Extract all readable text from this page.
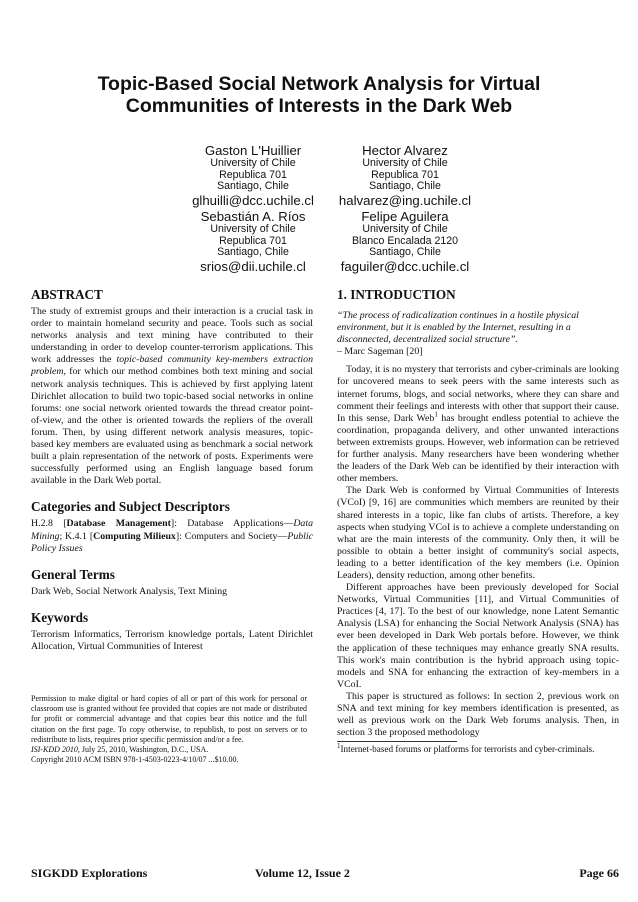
Topic-Based Social Network Analysis for Virtual
Communities of Interests in the Dark Web
Gaston L'Huillier
University of Chile
Republica 701
Santiago, Chile
glhuilli@dcc.uchile.cl
Hector Alvarez
University of Chile
Republica 701
Santiago, Chile
halvarez@ing.uchile.cl
Sebastián A. Ríos
University of Chile
Republica 701
Santiago, Chile
srios@dii.uchile.cl
Felipe Aguilera
University of Chile
Blanco Encalada 2120
Santiago, Chile
faguiler@dcc.uchile.cl
ABSTRACT

The study of extremist groups and their interaction is a crucial task in order to maintain homeland security and peace. Tools such as social networks analysis and text mining have contributed to their understanding in order to develop counter-terrorism applications. This work addresses the topic-based community key-members extraction problem, for which our method combines both text mining and social network analysis techniques. This is achieved by first applying latent Dirichlet allocation to build two topic-based social networks in online forums: one social network oriented towards the thread creator point-of-view, and the other is oriented towards the repliers of the overall forum. Then, by using different network analysis measures, topic-based key members are evaluated using as benchmark a social network built a plain representation of the network of posts. Experiments were successfully performed using an English language based forum available in the Dark Web portal.

Categories and Subject Descriptors

H.2.8 [Database Management]: Database Applications—Data Mining; K.4.1 [Computing Milieux]: Computers and Society—Public Policy Issues

General Terms

Dark Web, Social Network Analysis, Text Mining

Keywords

Terrorism Informatics, Terrorism knowledge portals, Latent Dirichlet Allocation, Virtual Communities of Interest

Permission to make digital or hard copies of all or part of this work for personal or classroom use is granted without fee provided that copies are not made or distributed for profit or commercial advantage and that copies bear this notice and the full citation on the first page. To copy otherwise, to republish, to post on servers or to redistribute to lists, requires prior specific permission and/or a fee.
ISI-KDD 2010, July 25, 2010, Washington, D.C., USA.
Copyright 2010 ACM ISBN 978-1-4503-0223-4/10/07 ...$10.00.
1. INTRODUCTION

“The process of radicalization continues in a hostile physical environment, but it is enabled by the Internet, resulting in a disconnected, decentralized social structure”.

– Marc Sageman [20]

Today, it is no mystery that terrorists and cyber-criminals are looking for uncovered means to seek peers with the same interests such as internet forums, blogs, and social networks, where they can share and comment their feelings and interests with other that support their cause. In this sense, Dark Web$^1$ has brought endless potential to achieve the coordination, propaganda delivery, and other unwanted interactions between extremists groups. However, web information can be retrieved for further analysis. Many researchers have been wondering whether the leaders of the Dark Web can be identified by their interaction with other members.

The Dark Web is conformed by Virtual Communities of Interests (VCoI) [9, 16] are communities which members are reunited by their shared interests in a topic, like fan clubs of artists. Therefore, a key aspects when studying VCoI is to achieve a complete understanding on what are the main interests of the community. Only then, it will be possible to obtain a better insight of community's social aspects, leading to a better identification of the key members (i.e. Opinion Leaders), density reduction, among other benefits.

Different approaches have been previously developed for Social Networks, Virtual Communities [11], and Virtual Communities of Practices [4, 17]. To the best of our knowledge, none Latent Semantic Analysis (LSA) for enhancing the Social Network Analysis (SNA) has ever been developed in Dark Web portals before. However, we think the application of these techniques may enhance greatly SNA results. This work's main contribution is the hybrid approach using topic-models and SNA for enhancing the extraction of key-members in a VCoI.

This paper is structured as follows: In section 2, previous work on SNA and text mining for key members identification is presented, as well as previous work on the Dark Web forums analysis. Then, in section 3 the proposed methodology

$^1$Internet-based forums or platforms for terrorists and cyber-criminals.
SIGKDD Explorations	Volume 12, Issue 2	Page 66
